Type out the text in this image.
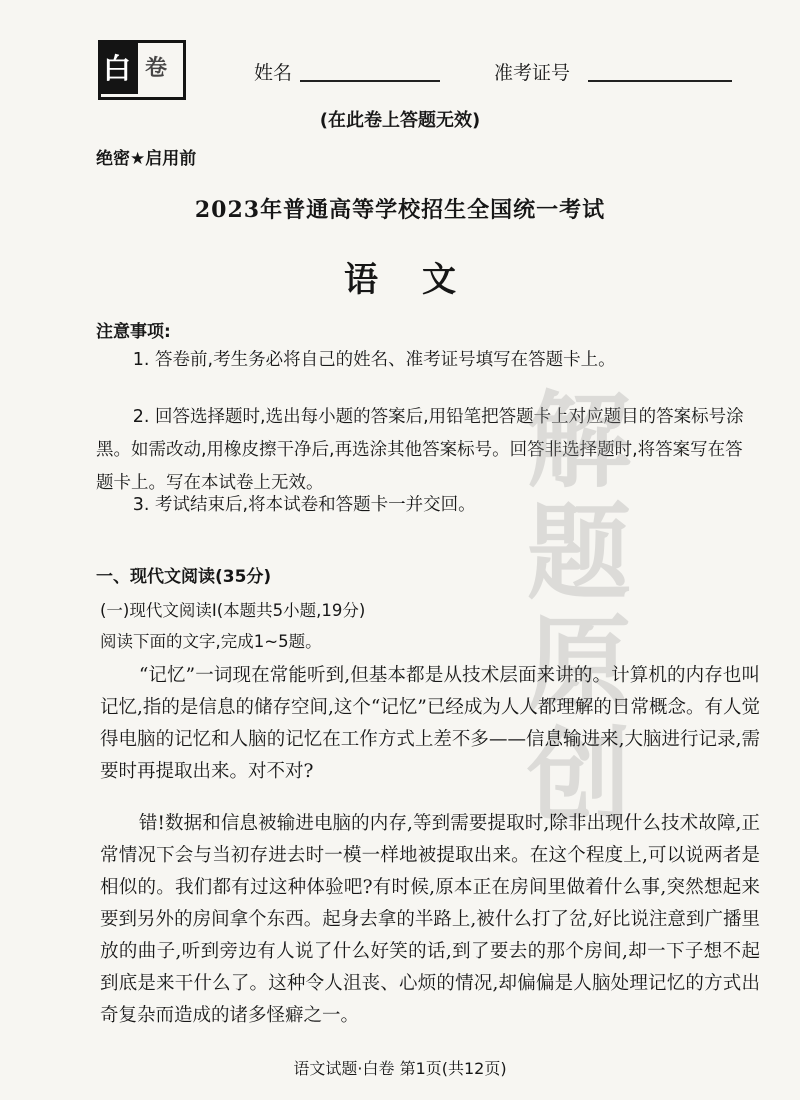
白 卷	姓名	准考证号
(在此卷上答题无效)
绝密★启用前
2023年普通高等学校招生全国统一考试
语文
注意事项:
1. 答卷前,考生务必将自己的姓名、准考证号填写在答题卡上。
2. 回答选择题时,选出每小题的答案后,用铅笔把答题卡上对应题目的答案标号涂黑。如需改动,用橡皮擦干净后,再选涂其他答案标号。回答非选择题时,将答案写在答题卡上。写在本试卷上无效。
3. 考试结束后,将本试卷和答题卡一并交回。
解
题
原
创
一、现代文阅读(35分)
(一)现代文阅读Ⅰ(本题共5小题,19分)
阅读下面的文字,完成1~5题。
“记忆”一词现在常能听到,但基本都是从技术层面来讲的。计算机的内存也叫记忆,指的是信息的储存空间,这个“记忆”已经成为人人都理解的日常概念。有人觉得电脑的记忆和人脑的记忆在工作方式上差不多——信息输进来,大脑进行记录,需要时再提取出来。对不对?
错!数据和信息被输进电脑的内存,等到需要提取时,除非出现什么技术故障,正常情况下会与当初存进去时一模一样地被提取出来。在这个程度上,可以说两者是相似的。我们都有过这种体验吧?有时候,原本正在房间里做着什么事,突然想起来要到另外的房间拿个东西。起身去拿的半路上,被什么打了岔,好比说注意到广播里放的曲子,听到旁边有人说了什么好笑的话,到了要去的那个房间,却一下子想不起到底是来干什么了。这种令人沮丧、心烦的情况,却偏偏是人脑处理记忆的方式出奇复杂而造成的诸多怪癖之一。
语文试题·白卷 第1页(共12页)
